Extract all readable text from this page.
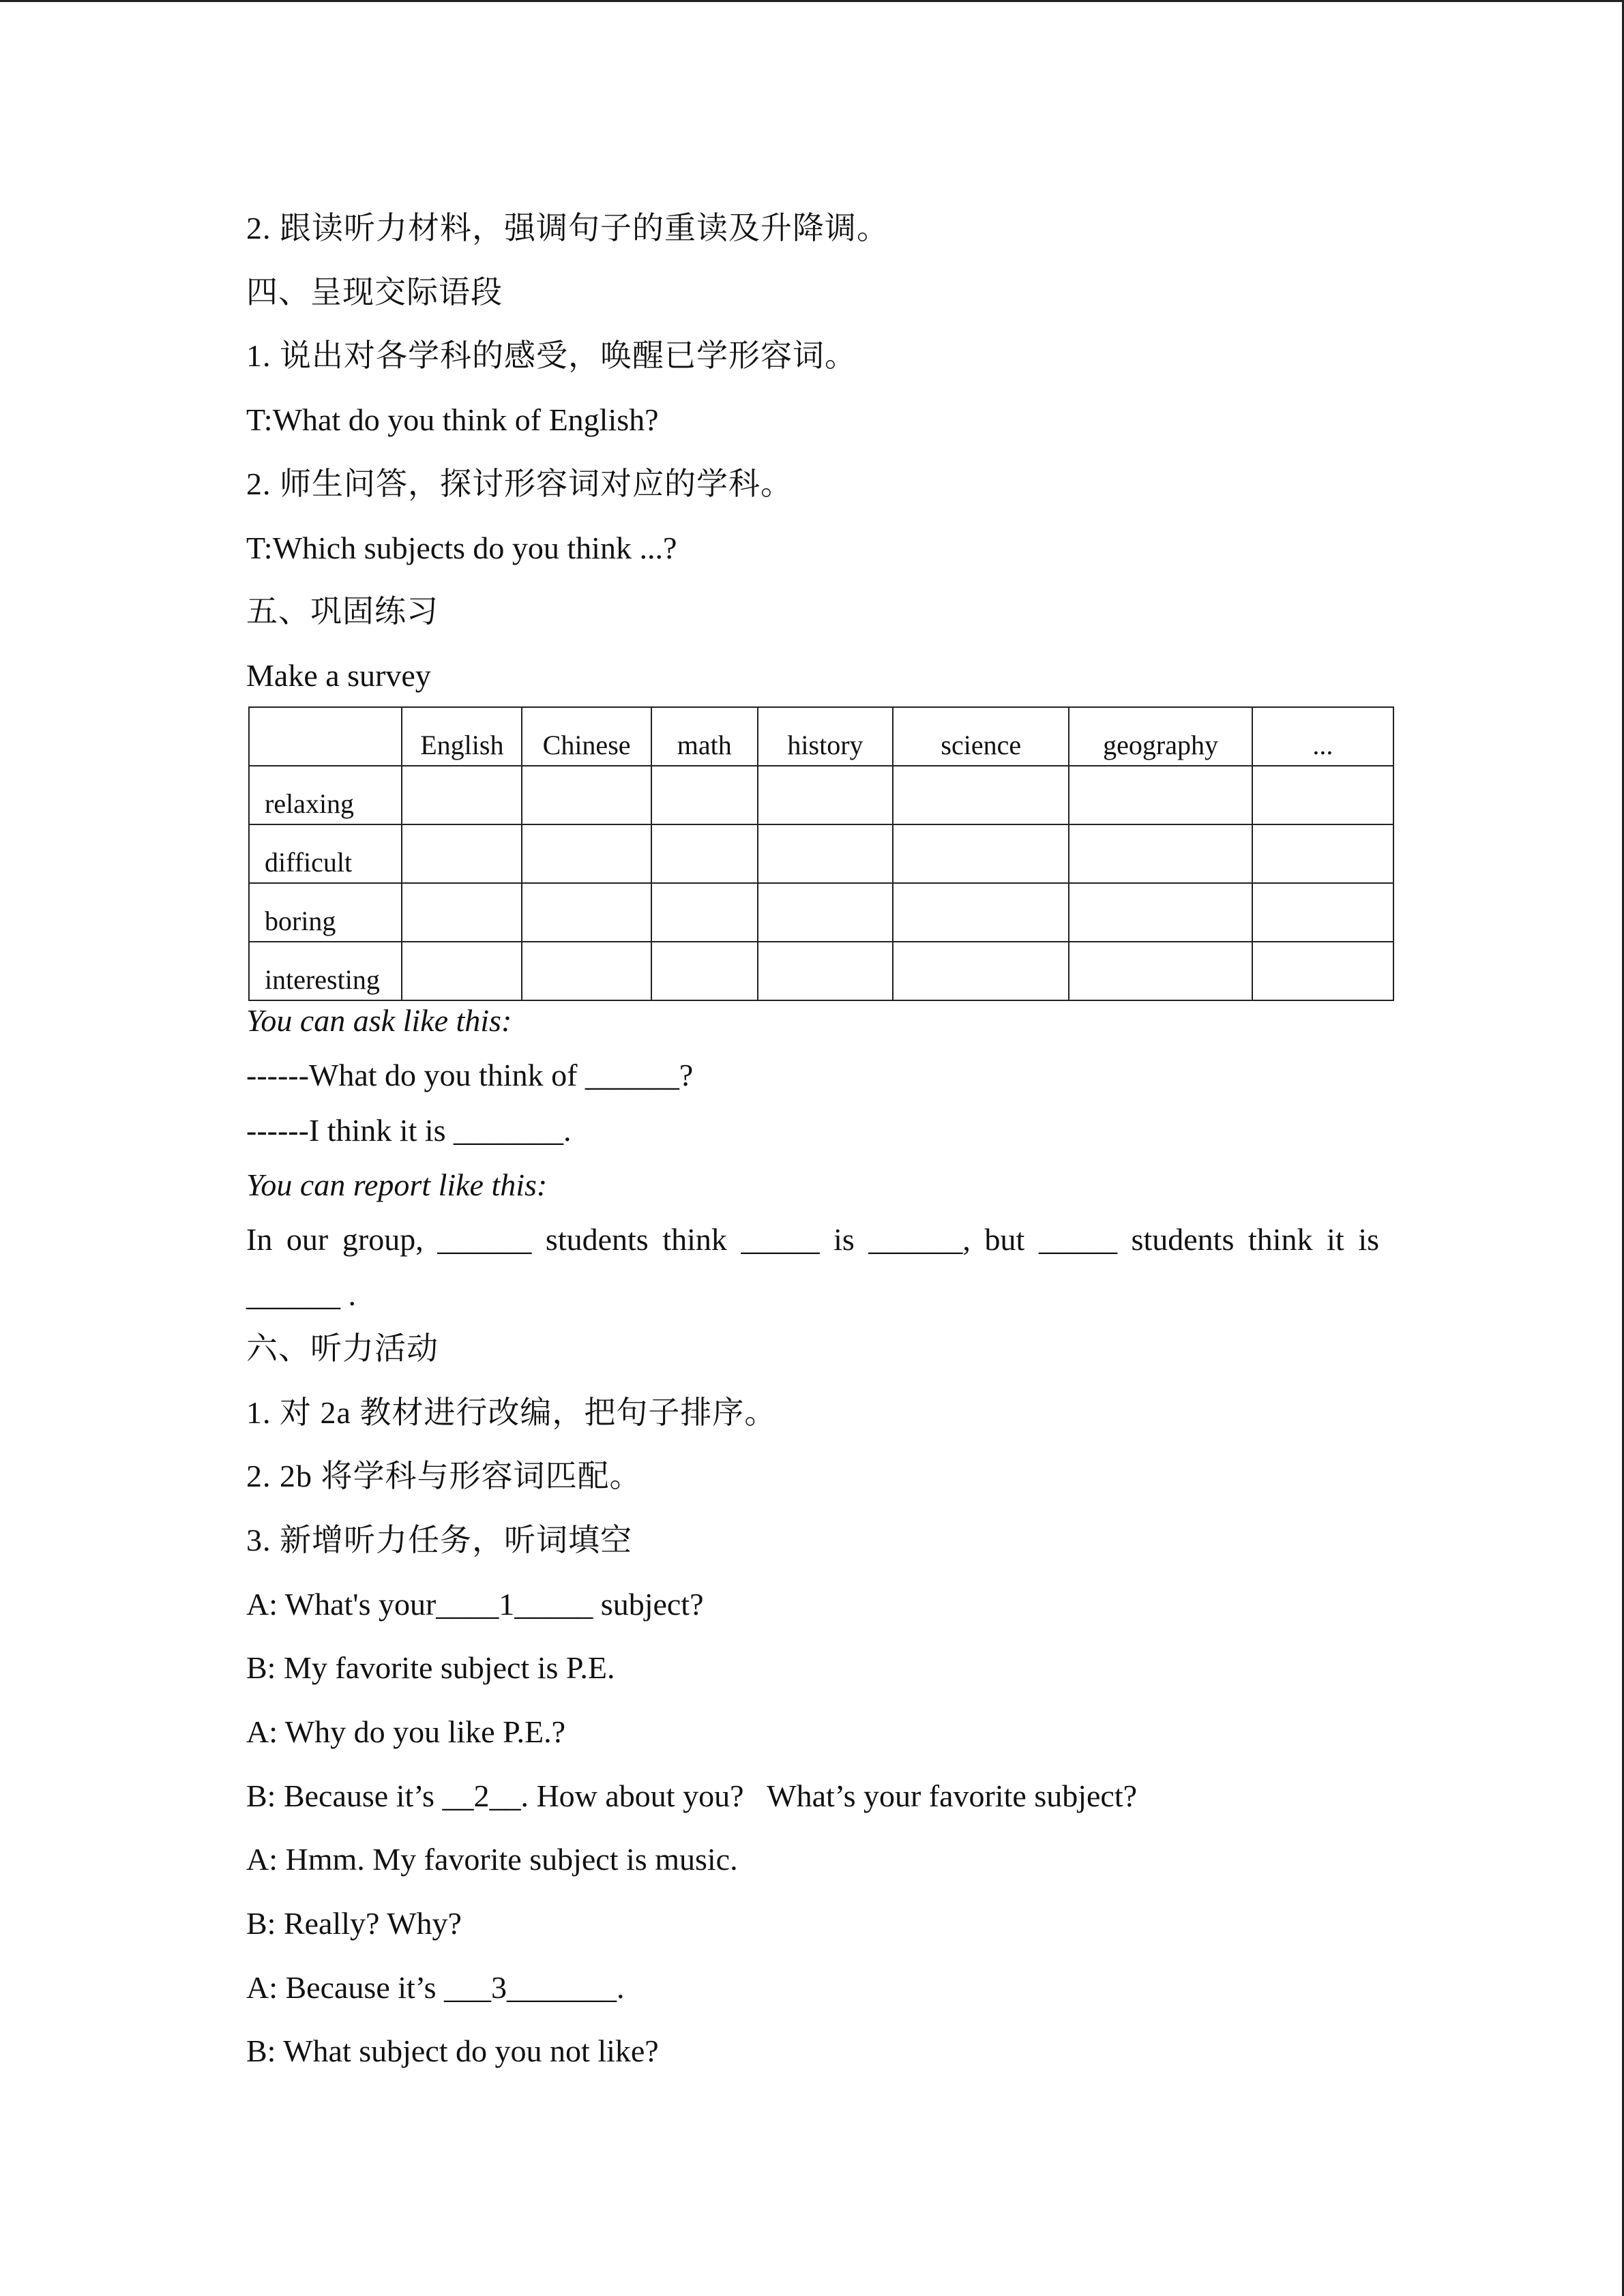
2. 跟读听力材料，强调句子的重读及升降调。
四、呈现交际语段
1. 说出对各学科的感受，唤醒已学形容词。
T:What do you think of English?
2. 师生问答，探讨形容词对应的学科。
T:Which subjects do you think ...?
五、巩固练习
Make a survey
	English	Chinese	math	history	science	geography	...
relaxing							
difficult							
boring							
interesting							
You can ask like this:
------What do you think of ______?
------I think it is _______.
You can report like this:
In our group, ______ students think _____ is ______, but _____ students think it is
______ .
六、听力活动
1. 对 2a 教材进行改编，把句子排序。
2. 2b 将学科与形容词匹配。
3. 新增听力任务，听词填空
A: What's your____1_____ subject?
B: My favorite subject is P.E.
A: Why do you like P.E.?
B: Because it’s __2__. How about you?   What’s your favorite subject?
A: Hmm. My favorite subject is music.
B: Really? Why?
A: Because it’s ___3_______.
B: What subject do you not like?
